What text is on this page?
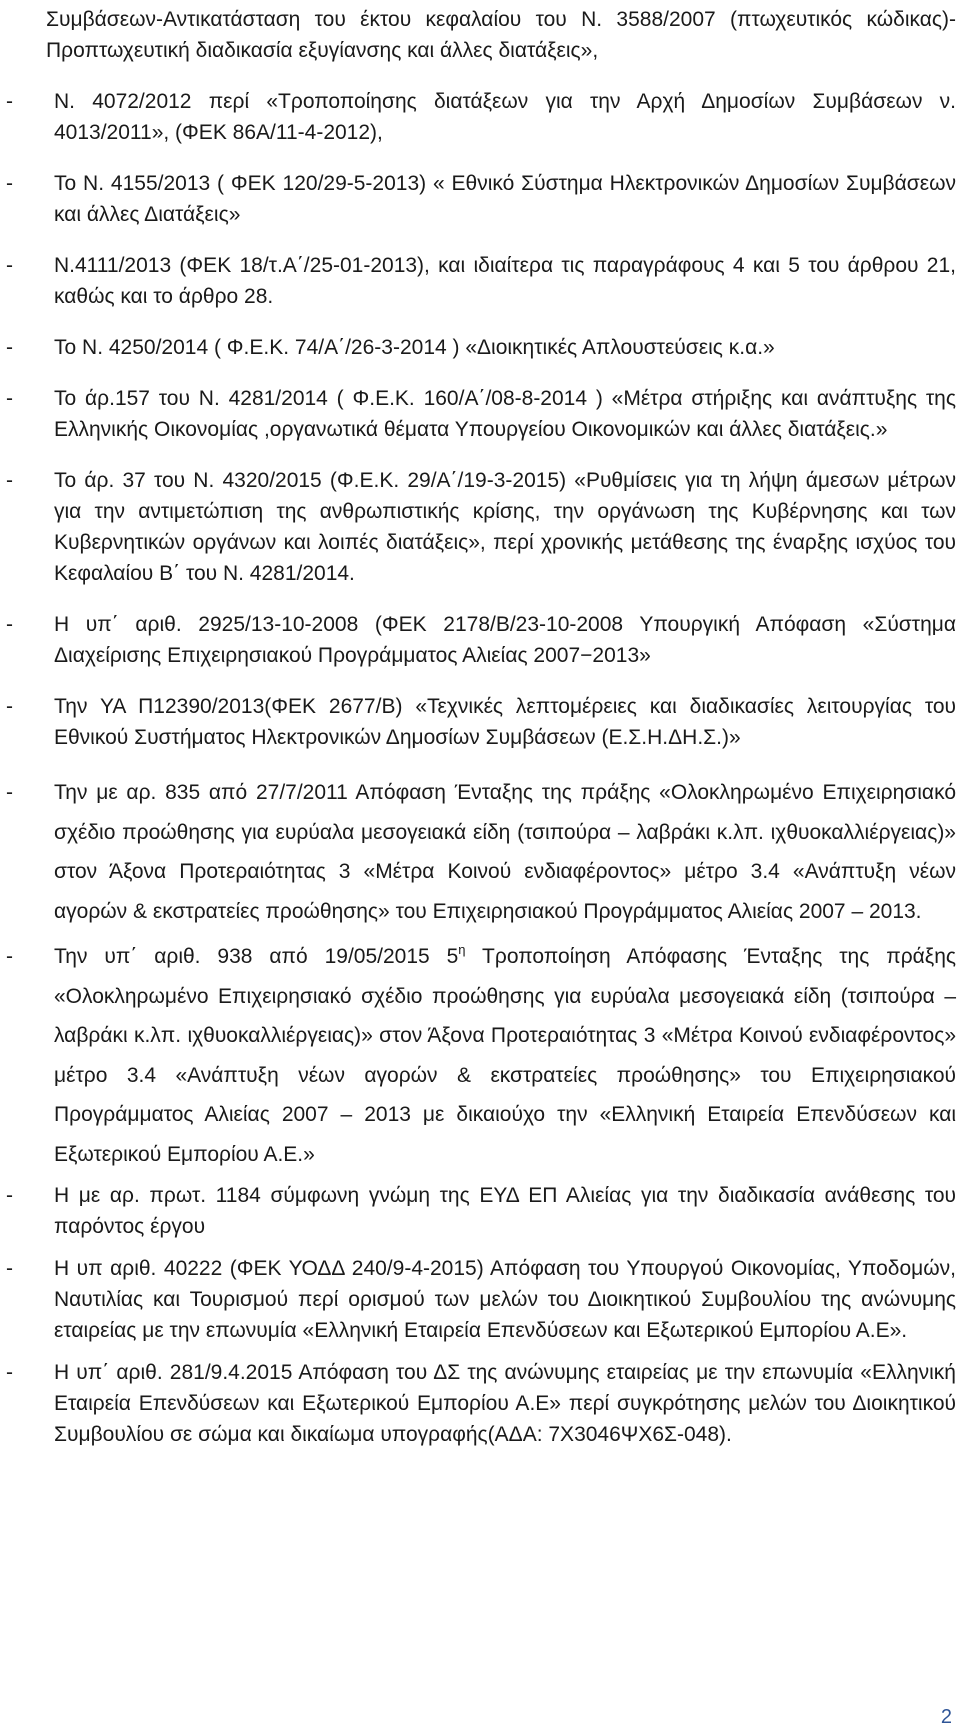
Συμβάσεων-Αντικατάσταση του έκτου κεφαλαίου του Ν. 3588/2007 (πτωχευτικός κώδικας)-Προπτωχευτική διαδικασία εξυγίανσης και άλλες διατάξεις»,

- Ν. 4072/2012 περί «Τροποποίησης διατάξεων για την Αρχή Δημοσίων Συμβάσεων ν. 4013/2011», (ΦΕΚ 86Α/11-4-2012),
- Το Ν. 4155/2013 ( ΦΕΚ 120/29-5-2013) « Εθνικό Σύστημα Ηλεκτρονικών Δημοσίων Συμβάσεων και άλλες Διατάξεις»
- Ν.4111/2013 (ΦΕΚ 18/τ.Α΄/25-01-2013), και ιδιαίτερα τις παραγράφους 4 και 5 του άρθρου 21, καθώς και το άρθρο 28.
- Το Ν. 4250/2014 ( Φ.Ε.Κ. 74/Α΄/26-3-2014 ) «Διοικητικές Απλουστεύσεις κ.α.»
- Το άρ.157 του Ν. 4281/2014 ( Φ.Ε.Κ. 160/Α΄/08-8-2014 ) «Μέτρα στήριξης και ανάπτυξης της Ελληνικής Οικονομίας ,οργανωτικά θέματα Υπουργείου Οικονομικών και άλλες διατάξεις.»
- Το άρ. 37 του Ν. 4320/2015 (Φ.Ε.Κ. 29/Α΄/19-3-2015) «Ρυθμίσεις για τη λήψη άμεσων μέτρων για την αντιμετώπιση της ανθρωπιστικής κρίσης, την οργάνωση της Κυβέρνησης και των Κυβερνητικών οργάνων και λοιπές διατάξεις», περί χρονικής μετάθεσης της έναρξης ισχύος του Κεφαλαίου Β΄ του Ν. 4281/2014.
- Η υπ΄ αριθ. 2925/13-10-2008 (ΦΕΚ 2178/Β/23-10-2008 Υπουργική Απόφαση «Σύστημα Διαχείρισης Επιχειρησιακού Προγράμματος Αλιείας 2007−2013»
- Την ΥΑ Π12390/2013(ΦΕΚ 2677/Β) «Τεχνικές λεπτομέρειες και διαδικασίες λειτουργίας του Εθνικού Συστήματος Ηλεκτρονικών Δημοσίων Συμβάσεων (Ε.Σ.Η.ΔΗ.Σ.)»
- Την με αρ. 835 από 27/7/2011 Απόφαση Ένταξης της πράξης «Ολοκληρωμένο Επιχειρησιακό σχέδιο προώθησης για ευρύαλα μεσογειακά είδη (τσιπούρα – λαβράκι κ.λπ. ιχθυοκαλλιέργειας)» στον Άξονα Προτεραιότητας 3 «Μέτρα Κοινού ενδιαφέροντος» μέτρο 3.4 «Ανάπτυξη νέων αγορών & εκστρατείες προώθησης» του Επιχειρησιακού Προγράμματος Αλιείας 2007 – 2013.
- Την υπ΄ αριθ. 938 από 19/05/2015 $5^\eta$ Τροποποίηση Απόφασης Ένταξης της πράξης «Ολοκληρωμένο Επιχειρησιακό σχέδιο προώθησης για ευρύαλα μεσογειακά είδη (τσιπούρα – λαβράκι κ.λπ. ιχθυοκαλλιέργειας)» στον Άξονα Προτεραιότητας 3 «Μέτρα Κοινού ενδιαφέροντος» μέτρο 3.4 «Ανάπτυξη νέων αγορών & εκστρατείες προώθησης» του Επιχειρησιακού Προγράμματος Αλιείας 2007 – 2013 με δικαιούχο την «Ελληνική Εταιρεία Επενδύσεων και Εξωτερικού Εμπορίου Α.Ε.»
- Η με αρ. πρωτ. 1184 σύμφωνη γνώμη της ΕΥΔ ΕΠ Αλιείας για την διαδικασία ανάθεσης του παρόντος έργου
- Η υπ αριθ. 40222 (ΦΕΚ ΥΟΔΔ 240/9-4-2015) Απόφαση του Υπουργού Οικονομίας, Υποδομών, Ναυτιλίας και Τουρισμού περί ορισμού των μελών του Διοικητικού Συμβουλίου της ανώνυμης εταιρείας με την επωνυμία «Ελληνική Εταιρεία Επενδύσεων και Εξωτερικού Εμπορίου Α.Ε».
- Η υπ΄ αριθ. 281/9.4.2015 Απόφαση του ΔΣ της ανώνυμης εταιρείας με την επωνυμία «Ελληνική Εταιρεία Επενδύσεων και Εξωτερικού Εμπορίου Α.Ε» περί συγκρότησης μελών του Διοικητικού Συμβουλίου σε σώμα και δικαίωμα υπογραφής(ΑΔΑ: 7Χ3046ΨΧ6Σ-048).
2
